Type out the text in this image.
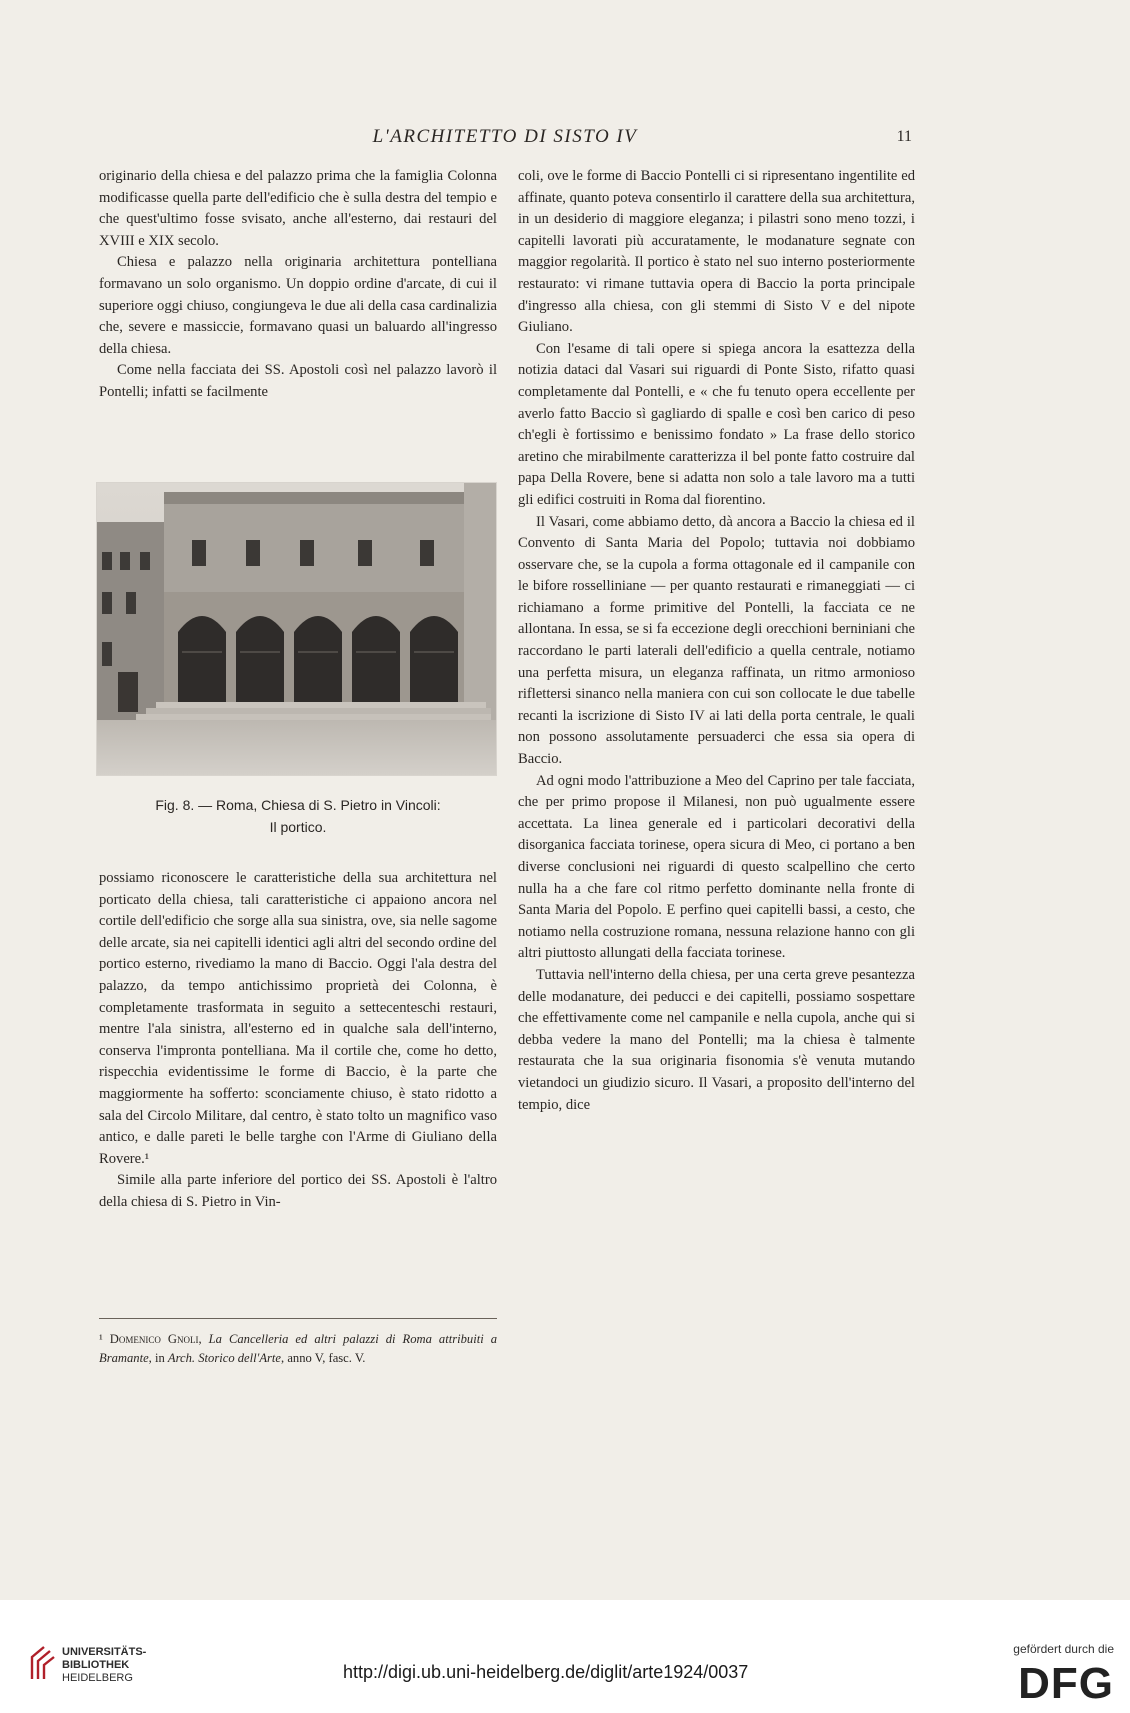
L'ARCHITETTO DI SISTO IV	11

originario della chiesa e del palazzo prima che la famiglia Colonna modificasse quella parte dell'edificio che è sulla destra del tempio e che quest'ultimo fosse svisato, anche all'esterno, dai restauri del XVIII e XIX secolo.

Chiesa e palazzo nella originaria architettura pontelliana formavano un solo organismo. Un doppio ordine d'arcate, di cui il superiore oggi chiuso, congiungeva le due ali della casa cardinalizia che, severe e massiccie, formavano quasi un baluardo all'ingresso della chiesa.

Come nella facciata dei SS. Apostoli così nel palazzo lavorò il Pontelli; infatti se facilmente

Fig. 8. — Roma, Chiesa di S. Pietro in Vincoli:
Il portico.

possiamo riconoscere le caratteristiche della sua architettura nel porticato della chiesa, tali caratteristiche ci appaiono ancora nel cortile dell'edificio che sorge alla sua sinistra, ove, sia nelle sagome delle arcate, sia nei capitelli identici agli altri del secondo ordine del portico esterno, rivediamo la mano di Baccio. Oggi l'ala destra del palazzo, da tempo antichissimo proprietà dei Colonna, è completamente trasformata in seguito a settecenteschi restauri, mentre l'ala sinistra, all'esterno ed in qualche sala dell'interno, conserva l'impronta pontelliana. Ma il cortile che, come ho detto, rispecchia evidentissime le forme di Baccio, è la parte che maggiormente ha sofferto: sconciamente chiuso, è stato ridotto a sala del Circolo Militare, dal centro, è stato tolto un magnifico vaso antico, e dalle pareti le belle targhe con l'Arme di Giuliano della Rovere.¹

Simile alla parte inferiore del portico dei SS. Apostoli è l'altro della chiesa di S. Pietro in Vin-

¹ Domenico Gnoli, La Cancelleria ed altri palazzi di Roma attribuiti a Bramante, in Arch. Storico dell'Arte, anno V, fasc. V.

coli, ove le forme di Baccio Pontelli ci si ripresentano ingentilite ed affinate, quanto poteva consentirlo il carattere della sua architettura, in un desiderio di maggiore eleganza; i pilastri sono meno tozzi, i capitelli lavorati più accuratamente, le modanature segnate con maggior regolarità. Il portico è stato nel suo interno posteriormente restaurato: vi rimane tuttavia opera di Baccio la porta principale d'ingresso alla chiesa, con gli stemmi di Sisto V e del nipote Giuliano.

Con l'esame di tali opere si spiega ancora la esattezza della notizia dataci dal Vasari sui riguardi di Ponte Sisto, rifatto quasi completamente dal Pontelli, e « che fu tenuto opera eccellente per averlo fatto Baccio sì gagliardo di spalle e così ben carico di peso ch'egli è fortissimo e benissimo fondato » La frase dello storico aretino che mirabilmente caratterizza il bel ponte fatto costruire dal papa Della Rovere, bene si adatta non solo a tale lavoro ma a tutti gli edifici costruiti in Roma dal fiorentino.

Il Vasari, come abbiamo detto, dà ancora a Baccio la chiesa ed il Convento di Santa Maria del Popolo; tuttavia noi dobbiamo osservare che, se la cupola a forma ottagonale ed il campanile con le bifore rosselliniane — per quanto restaurati e rimaneggiati — ci richiamano a forme primitive del Pontelli, la facciata ce ne allontana. In essa, se si fa eccezione degli orecchioni berniniani che raccordano le parti laterali dell'edificio a quella centrale, notiamo una perfetta misura, un eleganza raffinata, un ritmo armonioso riflettersi sinanco nella maniera con cui son collocate le due tabelle recanti la iscrizione di Sisto IV ai lati della porta centrale, le quali non possono assolutamente persuaderci che essa sia opera di Baccio.

Ad ogni modo l'attribuzione a Meo del Caprino per tale facciata, che per primo propose il Milanesi, non può ugualmente essere accettata. La linea generale ed i particolari decorativi della disorganica facciata torinese, opera sicura di Meo, ci portano a ben diverse conclusioni nei riguardi di questo scalpellino che certo nulla ha a che fare col ritmo perfetto dominante nella fronte di Santa Maria del Popolo. E perfino quei capitelli bassi, a cesto, che notiamo nella costruzione romana, nessuna relazione hanno con gli altri piuttosto allungati della facciata torinese.

Tuttavia nell'interno della chiesa, per una certa greve pesantezza delle modanature, dei peducci e dei capitelli, possiamo sospettare che effettivamente come nel campanile e nella cupola, anche qui si debba vedere la mano del Pontelli; ma la chiesa è talmente restaurata che la sua originaria fisonomia s'è venuta mutando vietandoci un giudizio sicuro. Il Vasari, a proposito dell'interno del tempio, dice

UNIVERSITÄTS-
BIBLIOTHEK
HEIDELBERG	http://digi.ub.uni-heidelberg.de/diglit/arte1924/0037
gefördert durch die
DFG
